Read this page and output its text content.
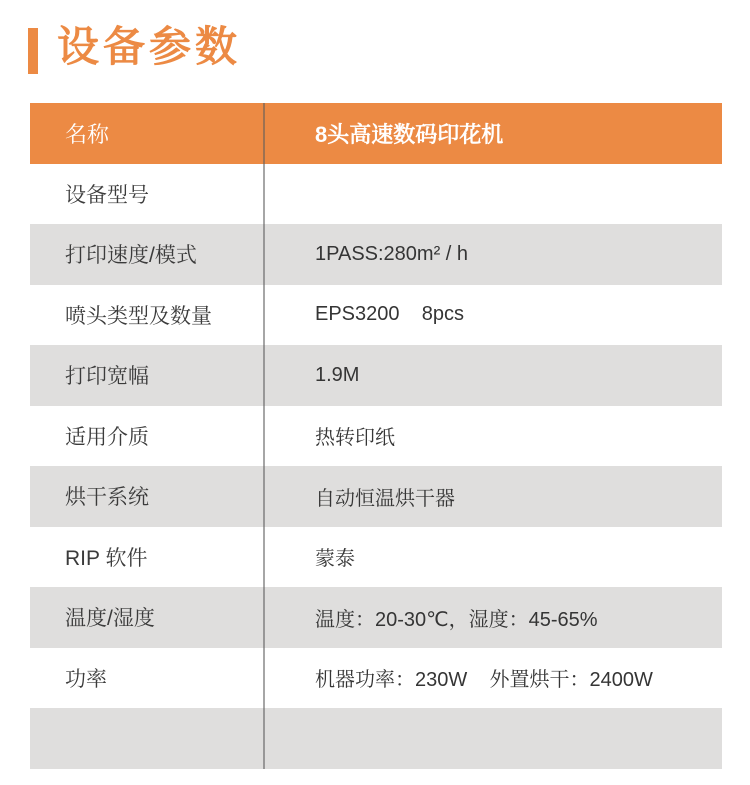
设备参数
名称	8头高速数码印花机
设备型号
打印速度/模式	1PASS:280m² / h
喷头类型及数量	EPS3200    8pcs
打印宽幅	1.9M
适用介质	热转印纸
烘干系统	自动恒温烘干器
RIP 软件	蒙泰
温度/湿度	温度：20-30℃，湿度：45-65%
功率	机器功率：230W    外置烘干：2400W
